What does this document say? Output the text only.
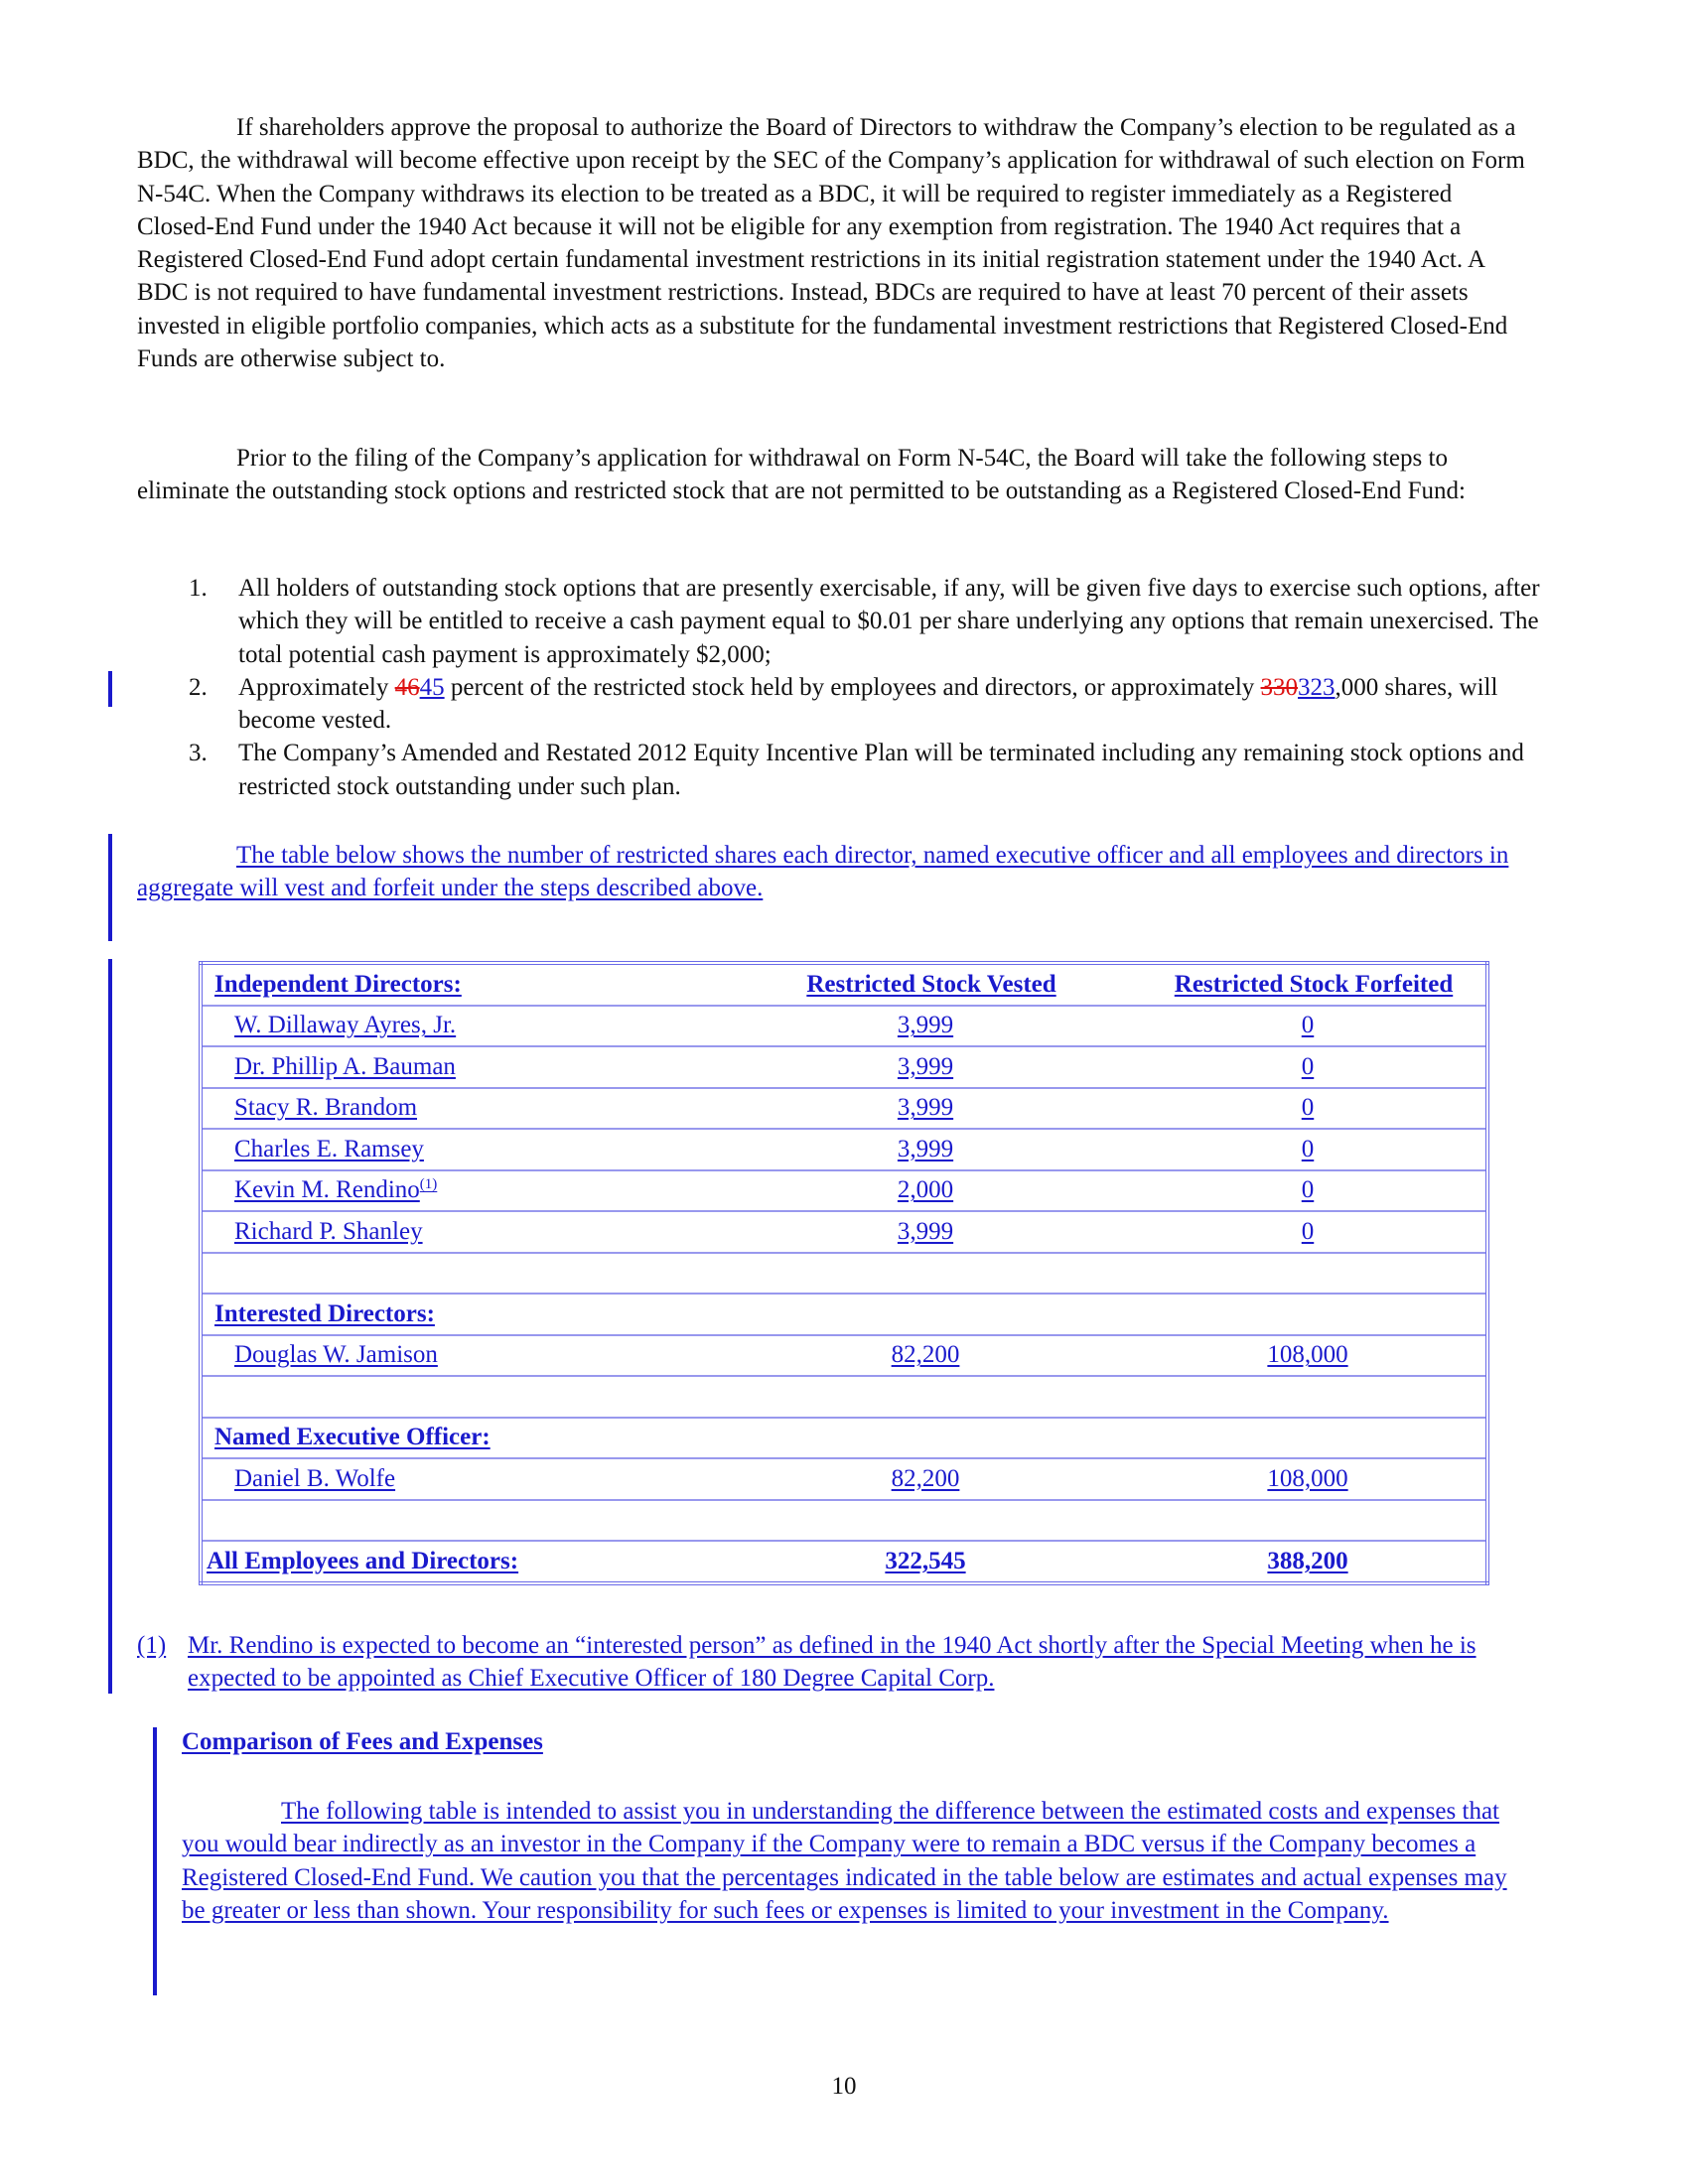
If shareholders approve the proposal to authorize the Board of Directors to withdraw the Company’s election to be regulated as a BDC, the withdrawal will become effective upon receipt by the SEC of the Company’s application for withdrawal of such election on Form N-54C. When the Company withdraws its election to be treated as a BDC, it will be required to register immediately as a Registered Closed-End Fund under the 1940 Act because it will not be eligible for any exemption from registration. The 1940 Act requires that a Registered Closed-End Fund adopt certain fundamental investment restrictions in its initial registration statement under the 1940 Act. A BDC is not required to have fundamental investment restrictions. Instead, BDCs are required to have at least 70 percent of their assets invested in eligible portfolio companies, which acts as a substitute for the fundamental investment restrictions that Registered Closed-End Funds are otherwise subject to.

Prior to the filing of the Company’s application for withdrawal on Form N-54C, the Board will take the following steps to eliminate the outstanding stock options and restricted stock that are not permitted to be outstanding as a Registered Closed-End Fund:

1. All holders of outstanding stock options that are presently exercisable, if any, will be given five days to exercise such options, after which they will be entitled to receive a cash payment equal to $0.01 per share underlying any options that remain unexercised. The total potential cash payment is approximately $2,000;
2. Approximately 4645 percent of the restricted stock held by employees and directors, or approximately 330323,000 shares, will become vested.
3. The Company’s Amended and Restated 2012 Equity Incentive Plan will be terminated including any remaining stock options and restricted stock outstanding under such plan.

The table below shows the number of restricted shares each director, named executive officer and all employees and directors in aggregate will vest and forfeit under the steps described above.

Independent Directors:	Restricted Stock Vested	Restricted Stock Forfeited
W. Dillaway Ayres, Jr.	3,999	0
Dr. Phillip A. Bauman	3,999	0
Stacy R. Brandom	3,999	0
Charles E. Ramsey	3,999	0
Kevin M. Rendino$^{(1)}$	2,000	0
Richard P. Shanley	3,999	0

Interested Directors:		
Douglas W. Jamison	82,200	108,000

Named Executive Officer:		
Daniel B. Wolfe	82,200	108,000

All Employees and Directors:	322,545	388,200
(1) Mr. Rendino is expected to become an “interested person” as defined in the 1940 Act shortly after the Special Meeting when he is expected to be appointed as Chief Executive Officer of 180 Degree Capital Corp.
Comparison of Fees and Expenses

The following table is intended to assist you in understanding the difference between the estimated costs and expenses that you would bear indirectly as an investor in the Company if the Company were to remain a BDC versus if the Company becomes a Registered Closed-End Fund. We caution you that the percentages indicated in the table below are estimates and actual expenses may be greater or less than shown. Your responsibility for such fees or expenses is limited to your investment in the Company.

10
